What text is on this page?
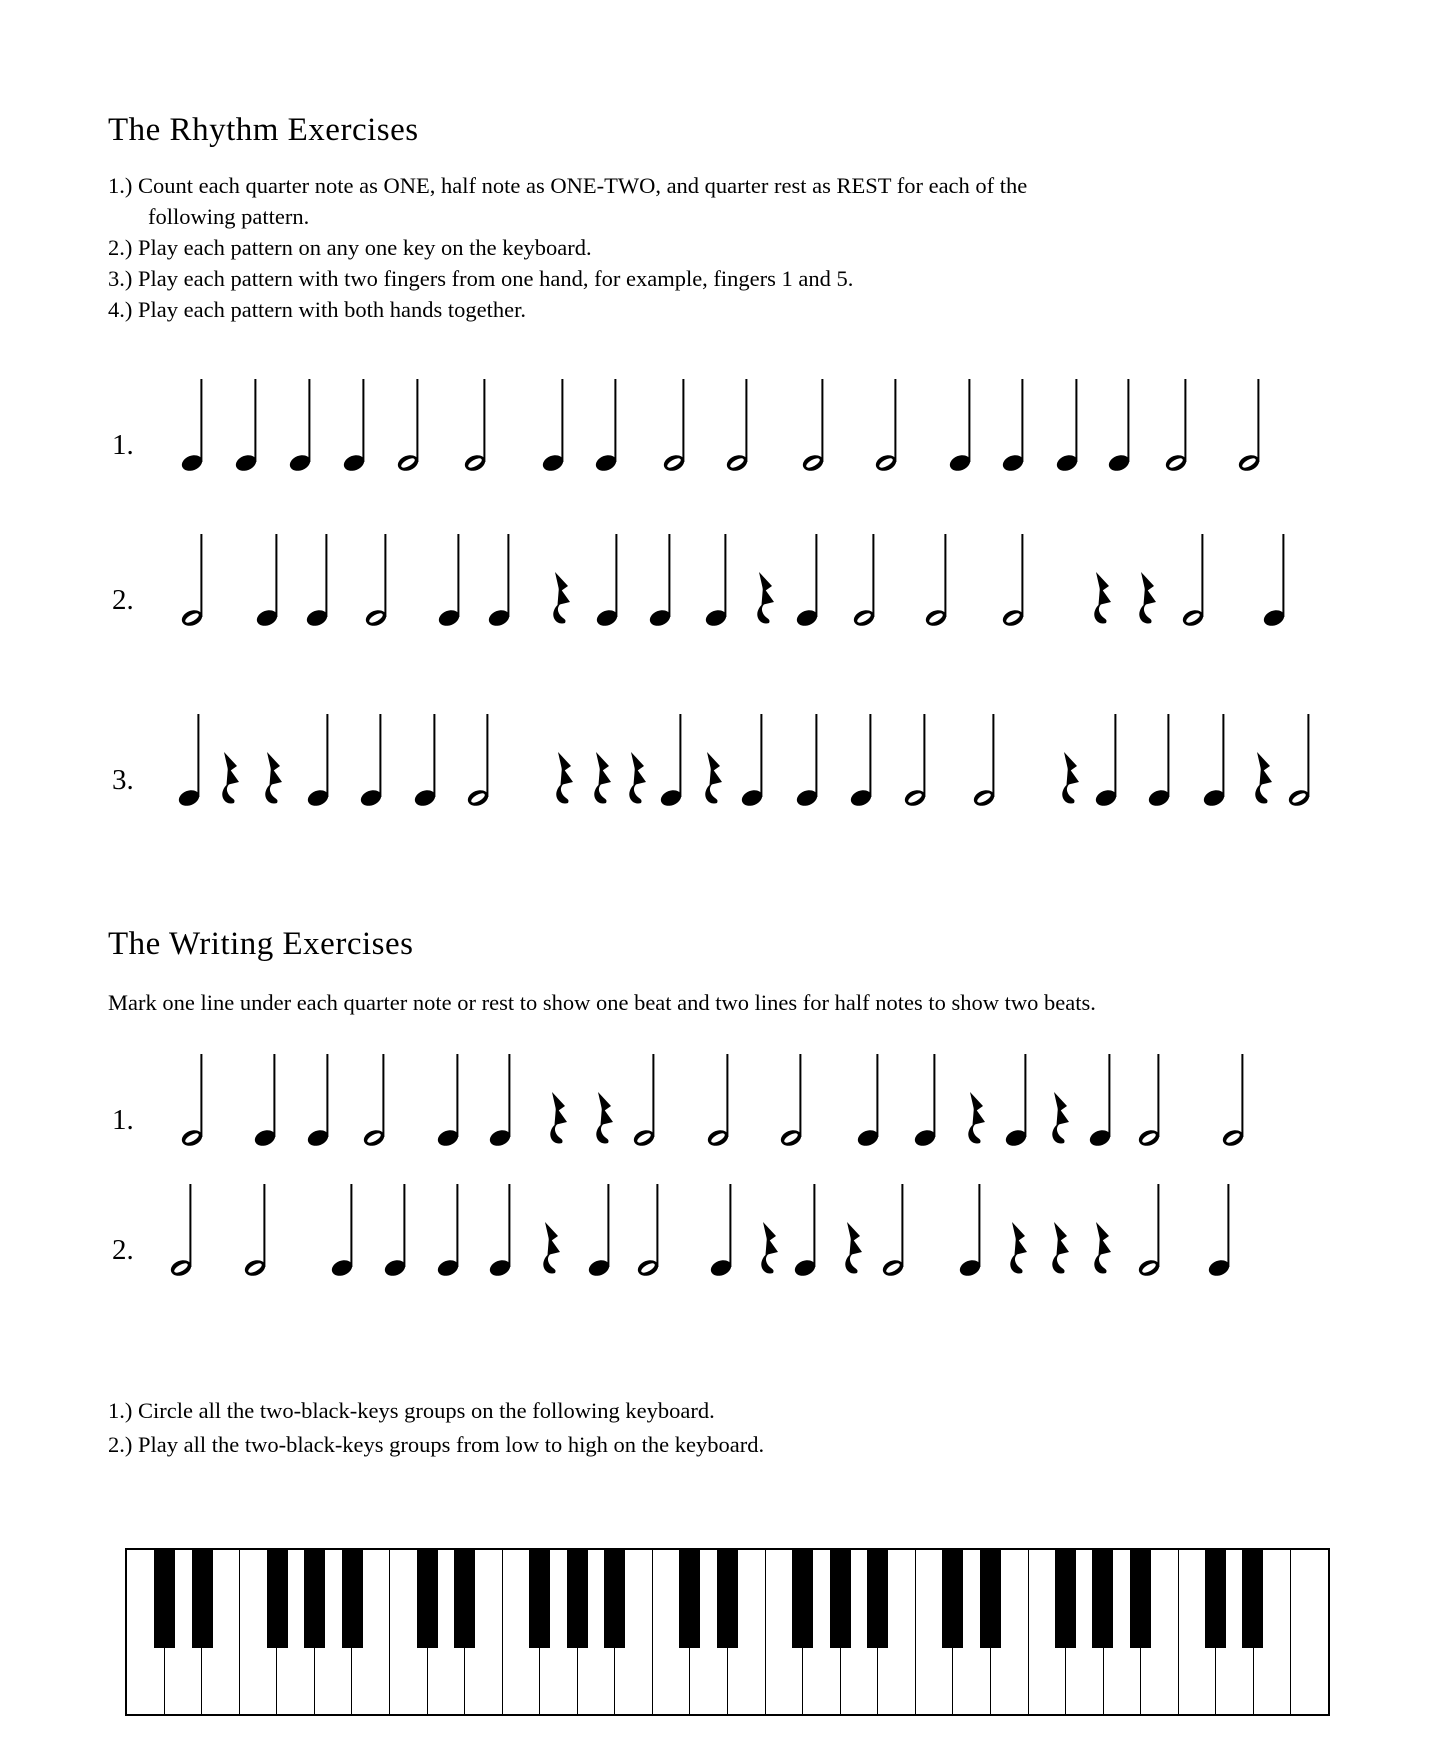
The Rhythm Exercises
1.) Count each quarter note as ONE, half note as ONE-TWO, and quarter rest as REST for each of the
following pattern.
2.) Play each pattern on any one key on the keyboard.
3.) Play each pattern with two fingers from one hand, for example, fingers 1 and 5.
4.) Play each pattern with both hands together.
1.
2.
3.
1.
2.
The Writing Exercises
Mark one line under each quarter note or rest to show one beat and two lines for half notes to show two beats.
1.) Circle all the two-black-keys groups on the following keyboard.
2.) Play all the two-black-keys groups from low to high on the keyboard.
